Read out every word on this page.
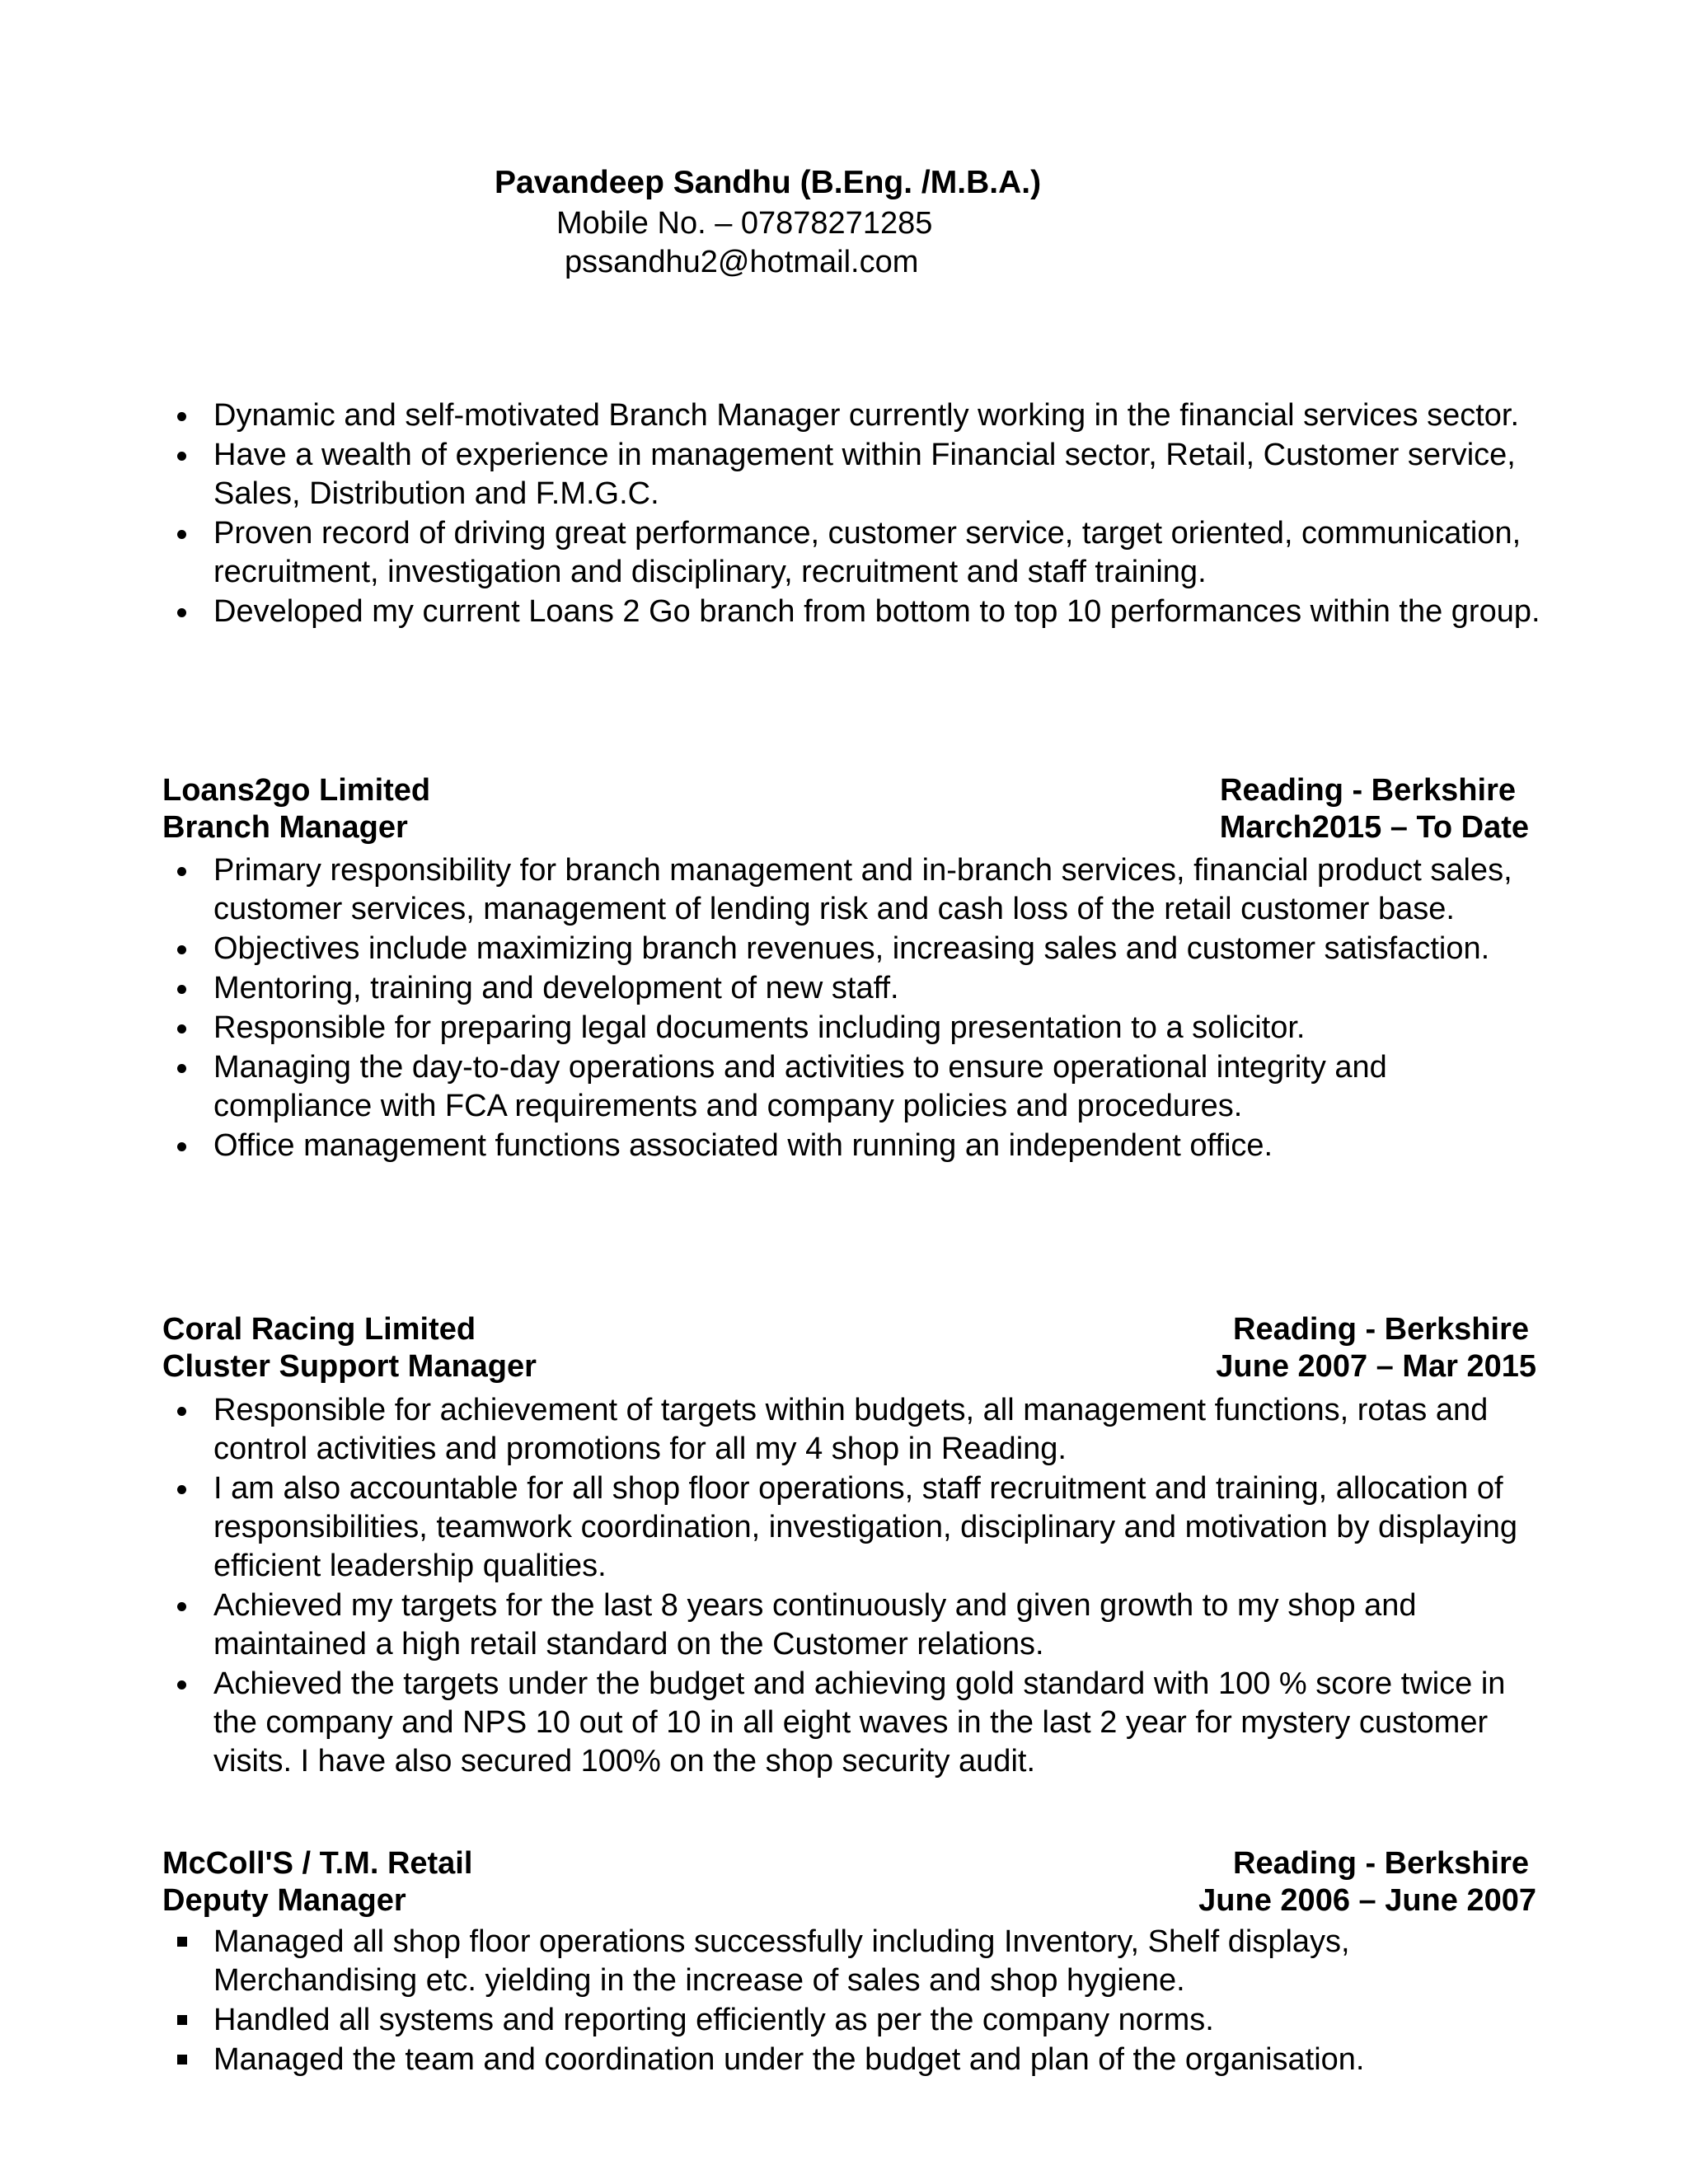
Pavandeep Sandhu (B.Eng. /M.B.A.)
Mobile No. – 07878271285
pssandhu2@hotmail.com
Dynamic and self-motivated Branch Manager currently working in the financial services sector.
Have a wealth of experience in management within Financial sector, Retail, Customer service, Sales, Distribution and F.M.G.C.
Proven record of driving great performance, customer service, target oriented, communication, recruitment, investigation and disciplinary, recruitment and staff training.
Developed my current Loans 2 Go branch from bottom to top 10 performances within the group.
Loans2go Limited	Reading - Berkshire
Branch Manager	March2015 – To Date
Primary responsibility for branch management and in-branch services, financial product sales, customer services, management of lending risk and cash loss of the retail customer base.
Objectives include maximizing branch revenues, increasing sales and customer satisfaction.
Mentoring, training and development of new staff.
Responsible for preparing legal documents including presentation to a solicitor.
Managing the day-to-day operations and activities to ensure operational integrity and compliance with FCA requirements and company policies and procedures.
Office management functions associated with running an independent office.
Coral Racing Limited	Reading - Berkshire
Cluster Support Manager	June 2007 – Mar 2015
Responsible for achievement of targets within budgets, all management functions, rotas and control activities and promotions for all my 4 shop in Reading.
I am also accountable for all shop floor operations, staff recruitment and training, allocation of responsibilities, teamwork coordination, investigation, disciplinary and motivation by displaying efficient leadership qualities.
Achieved my targets for the last 8 years continuously and given growth to my shop and maintained a high retail standard on the Customer relations.
Achieved the targets under the budget and achieving gold standard with 100 % score twice in the company and NPS 10 out of 10 in all eight waves in the last 2 year for mystery customer visits. I have also secured 100% on the shop security audit.
McColl'S / T.M. Retail	Reading - Berkshire
Deputy Manager	June 2006 – June 2007
Managed all shop floor operations successfully including Inventory, Shelf displays, Merchandising etc. yielding in the increase of sales and shop hygiene.
Handled all systems and reporting efficiently as per the company norms.
Managed the team and coordination under the budget and plan of the organisation.
